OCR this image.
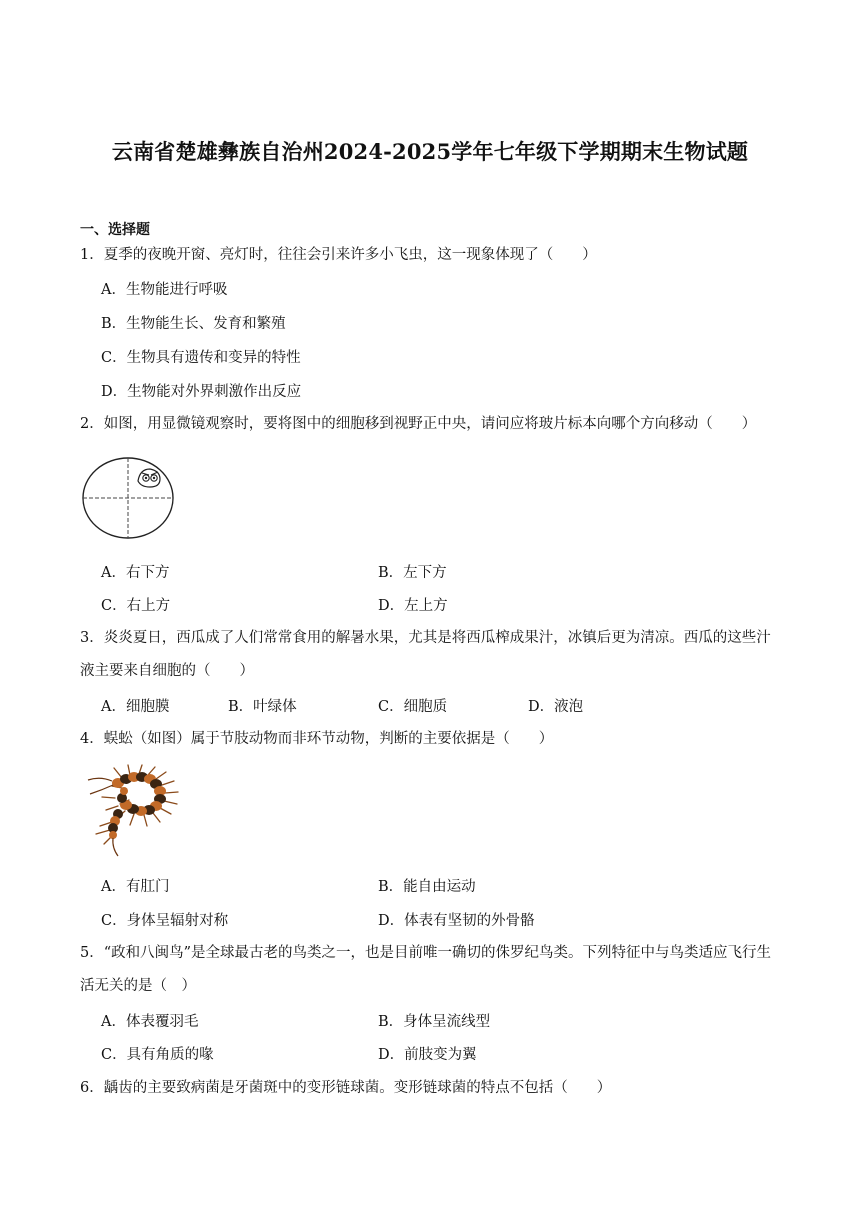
云南省楚雄彝族自治州2024-2025学年七年级下学期期末生物试题
一、选择题
1．夏季的夜晚开窗、亮灯时，往往会引来许多小飞虫，这一现象体现了（　　）
A．生物能进行呼吸
B．生物能生长、发育和繁殖
C．生物具有遗传和变异的特性
D．生物能对外界刺激作出反应
2．如图，用显微镜观察时，要将图中的细胞移到视野正中央，请问应将玻片标本向哪个方向移动（　　）
A．右下方	B．左下方
C．右上方	D．左上方
3．炎炎夏日，西瓜成了人们常常食用的解暑水果，尤其是将西瓜榨成果汁，冰镇后更为清凉。西瓜的这些汁液主要来自细胞的（　　）
A．细胞膜	B．叶绿体	C．细胞质	D．液泡
4．蜈蚣（如图）属于节肢动物而非环节动物，判断的主要依据是（　　）
A．有肛门	B．能自由运动
C．身体呈辐射对称	D．体表有坚韧的外骨骼
5．“政和八闽鸟”是全球最古老的鸟类之一，也是目前唯一确切的侏罗纪鸟类。下列特征中与鸟类适应飞行生活无关的是（　）
A．体表覆羽毛	B．身体呈流线型
C．具有角质的喙	D．前肢变为翼
6．龋齿的主要致病菌是牙菌斑中的变形链球菌。变形链球菌的特点不包括（　　）
